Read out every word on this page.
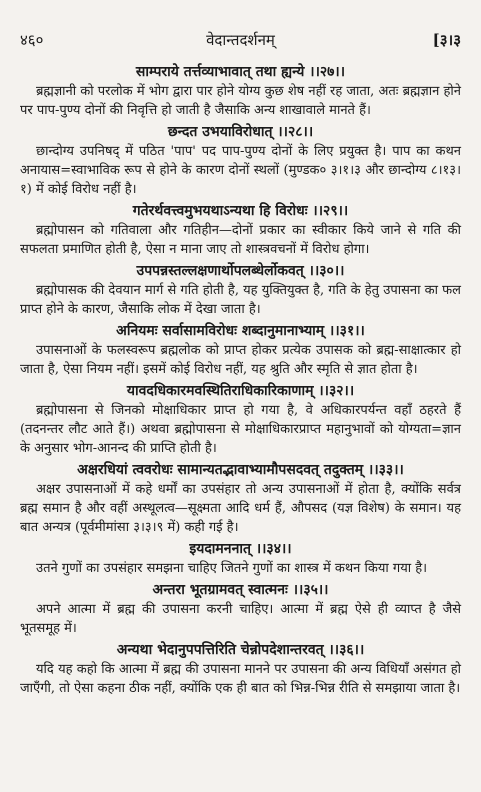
४६०	वेदान्तदर्शनम्	[३।३

साम्पराये तर्त्तव्याभावात् तथा ह्यन्ये ।।२७।।

ब्रह्मज्ञानी को परलोक में भोग द्वारा पार होने योग्य कुछ शेष नहीं रह जाता, अतः ब्रह्मज्ञान होने पर पाप-पुण्य दोनों की निवृत्ति हो जाती है जैसाकि अन्य शाखावाले मानते हैं।

छन्दत उभयाविरोधात् ।।२८।।

छान्दोग्य उपनिषद् में पठित 'पाप' पद पाप-पुण्य दोनों के लिए प्रयुक्त है। पाप का कथन अनायास=स्वाभाविक रूप से होने के कारण दोनों स्थलों (मुण्डक० ३।१।३ और छान्दोग्य ८।१३।१) में कोई विरोध नहीं है।

गतेरर्थवत्त्वमुभयथाऽन्यथा हि विरोधः ।।२९।।

ब्रह्मोपासन को गतिवाला और गतिहीन—दोनों प्रकार का स्वीकार किये जाने से गति की सफलता प्रमाणित होती है, ऐसा न माना जाए तो शास्त्रवचनों में विरोध होगा।

उपपन्नस्तल्लक्षणार्थोपलब्धेर्लोकवत् ।।३०।।

ब्रह्मोपासक की देवयान मार्ग से गति होती है, यह युक्तियुक्त है, गति के हेतु उपासना का फल प्राप्त होने के कारण, जैसाकि लोक में देखा जाता है।

अनियमः सर्वासामविरोधः शब्दानुमानाभ्याम् ।।३१।।

उपासनाओं के फलस्वरूप ब्रह्मलोक को प्राप्त होकर प्रत्येक उपासक को ब्रह्म-साक्षात्कार हो जाता है, ऐसा नियम नहीं। इसमें कोई विरोध नहीं, यह श्रुति और स्मृति से ज्ञात होता है।

यावदधिकारमवस्थितिराधिकारिकाणाम् ।।३२।।

ब्रह्मोपासना से जिनको मोक्षाधिकार प्राप्त हो गया है, वे अधिकारपर्यन्त वहाँ ठहरते हैं (तदनन्तर लौट आते हैं।) अथवा ब्रह्मोपासना से मोक्षाधिकारप्राप्त महानुभावों को योग्यता=ज्ञान के अनुसार भोग-आनन्द की प्राप्ति होती है।

अक्षरधियां त्ववरोधः सामान्यतद्भावाभ्यामौपसदवत् तदुक्तम् ।।३३।।

अक्षर उपासनाओं में कहे धर्मों का उपसंहार तो अन्य उपासनाओं में होता है, क्योंकि सर्वत्र ब्रह्म समान है और वहीं अस्थूलत्व—सूक्ष्मता आदि धर्म हैं, औपसद (यज्ञ विशेष) के समान। यह बात अन्यत्र (पूर्वमीमांसा ३।३।९ में) कही गई है।

इयदामननात् ।।३४।।

उतने गुणों का उपसंहार समझना चाहिए जितने गुणों का शास्त्र में कथन किया गया है।

अन्तरा भूतग्रामवत् स्वात्मनः ।।३५।।

अपने आत्मा में ब्रह्म की उपासना करनी चाहिए। आत्मा में ब्रह्म ऐसे ही व्याप्त है जैसे भूतसमूह में।

अन्यथा भेदानुपपत्तिरिति चेन्नोपदेशान्तरवत् ।।३६।।

यदि यह कहो कि आत्मा में ब्रह्म की उपासना मानने पर उपासना की अन्य विधियाँ असंगत हो जाएँगी, तो ऐसा कहना ठीक नहीं, क्योंकि एक ही बात को भिन्न-भिन्न रीति से समझाया जाता है।
